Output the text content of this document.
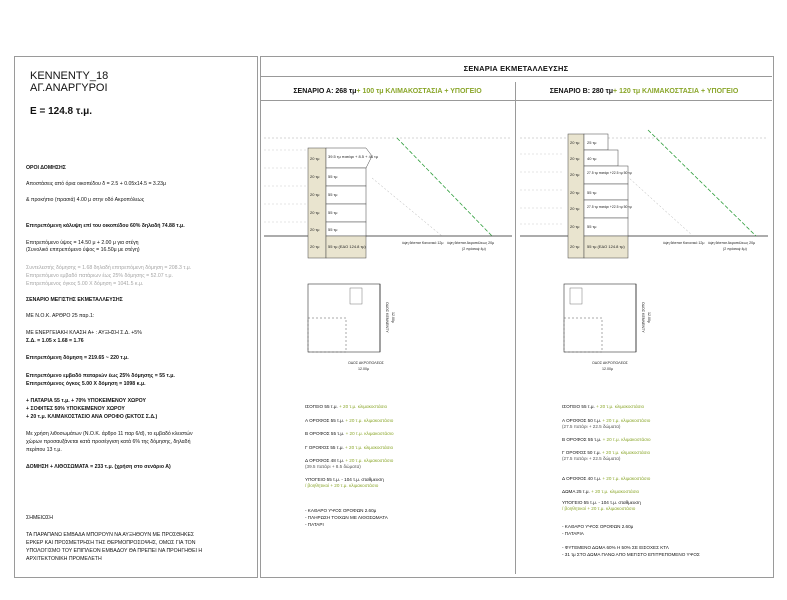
KENNENTY_18
ΑΓ.ΑΝΑΡΓΥΡΟΙ
Ε = 124.8 τ.μ.
ΟΡΟΙ ΔΟΜΗΣΗΣ
Αποστάσεις από όρια οικοπέδου δ = 2.5 + 0.05x14.5 = 3.23μ
& προκήπιο (πρασιά) 4.00 μ στην οδό Ακροπόλεως
Επιτρεπόμενη κάλυψη επί του οικοπέδου 60% δηλαδή 74.88 τ.μ.
Επιτρεπόμενο ύψος = 14.50 μ + 2.00 μ για στέγη
(Συνολικό επιτρεπόμενο ύψος = 16.50μ με στέγη)
Συντελεστής δόμησης = 1.68 δηλαδή επιτρεπόμενη δόμηση = 208.3 τ.μ.
Επιτρεπόμενο εμβαδό πατάριων έως 25% δόμησης = 52.07 τ.μ.
Επιτρεπόμενος όγκος 5.00 Χ δόμηση = 1041.5 κ.μ.
ΣΕΝΑΡΙΟ ΜΕΓΙΣΤΗΣ ΕΚΜΕΤΑΛΛΕΥΣΗΣ
ΜΕ Ν.Ο.Κ. ΑΡΘΡΟ 25 παρ.1:
ΜΕ ΕΝΕΡΓΕΙΑΚΗ ΚΛΑΣΗ Α+ : ΑΥΞΗΣΗ Σ.Δ. +5%
Σ.Δ. = 1.05 x 1.68 = 1.76
Επιτρεπόμενη δόμηση = 219.65 ~ 220 τ.μ.
Επιτρεπόμενο εμβαδό παταριών έως 25% δόμησης = 55 τ.μ.
Επιτρεπόμενος όγκος 5.00 Χ δόμηση = 1098 κ.μ.
+ ΠΑΤΑΡΙΑ 55 τ.μ. + 70% ΥΠΟΚΕΙΜΕΝΟΥ ΧΩΡΟΥ
+ ΣΟΦΙΤΕΣ 50% ΥΠΟΚΕΙΜΕΝΟΥ ΧΩΡΟΥ
+ 20 τ.μ. ΚΛΙΜΑΚΟΣΤΑΣΙΟ ΑΝΑ ΟΡΟΦΟ (ΕΚΤΟΣ Σ.Δ.)
Με χρήση λιθοσωμάτων (Ν.Ο.Κ. άρθρο 11 παρ 6/d), το εμβαδό κλειστών
χώρων προσαυξάνεται κατά προσέγγιση κατά 6% της δόμησης, δηλαδή
περίπου 13 τ.μ.
ΔΟΜΗΣΗ + ΛΙΘΟΣΩΜΑΤΑ = 233 τ.μ. (χρήση στο σενάριο Α)
ΣΗΜΕΙΩΣΗ
ΤΑ ΠΑΡΑΠΑΝΩ ΕΜΒΑΔΑ ΜΠΟΡΟΥΝ ΝΑ ΑΥΞΗΘΟΥΝ ΜΕ ΠΡΟΣΘΗΚΕΣ
ΕΡΚΕΡ ΚΑΙ ΠΡΟΣΜΕΤΡΗΣΗ ΤΗΣ ΘΕΡΜΟΠΡΟΣΟΨΗΣ, ΟΜΩΣ ΓΙΑ ΤΟΝ
ΥΠΟΛΟΓΙΣΜΟ ΤΟΥ ΕΠΙΠΛΕΟΝ ΕΜΒΑΔΟΥ ΘΑ ΠΡΕΠΕΙ ΝΑ ΠΡΟΗΓΗΘΕΙ Η
ΑΡΧΙΤΕΚΤΟΝΙΚΗ ΠΡΟΜΕΛΕΤΗ
ΣΕΝΑΡΙΑ ΕΚΜΕΤΑΛΛΕΥΣΗΣ
ΣΕΝΑΡΙΟ Α: 268 τμ + 100 τμ ΚΛΙΜΑΚΟΣΤΑΣΙΑ + ΥΠΟΓΕΙΟ	ΣΕΝΑΡΙΟ Β: 280 τμ + 120 τμ ΚΛΙΜΑΚΟΣΤΑΣΙΑ + ΥΠΟΓΕΙΟ
20 τμ 39.5 τμ πατάρι + 8.5 + 44 τμ
20 τμ 55 τμ
20 τμ 55 τμ
20 τμ 55 τμ
20 τμ 55 τμ
20 τμ 55 τμ (ΕΔΟ 124.8 τμ)
ύψη θέσπισ Κανονικό 12μ ύψη θέσπισ Ακροπόλεως 20μ
(2 πρόσοψ 4μ)
ΟΔΟΣ ΑΚΡΟΠΟΛΕΩΣ
12.00μ
ΟΔΟΣ ΚΕΝΝΕΝΤΥ 12.00μ
ΙΣΟΓΕΙΟ 55 τ.μ. + 20 τ.μ. κλιμακοστάσιο
Α ΟΡΟΦΟΣ 55 τ.μ. + 20 τ.μ. κλιμακοστάσιο
Β ΟΡΟΦΟΣ 55 τ.μ. + 20 τ.μ. κλιμακοστάσιο
Γ ΟΡΟΦΟΣ 55 τ.μ. + 20 τ.μ. κλιμακοστάσιο
Δ ΟΡΟΦΟΣ 48 τ.μ. + 20 τ.μ. κλιμακοστάσιο
(39.5 πατάρι + 8.5 δώματα)
ΥΠΟΓΕΙΟ 55 τ.μ. - 104 τ.μ. σταθμευση
/ βοηθητικοί + 20 τ.μ. κλιμακοστάσιο
- ΚΑΘΑΡΟ ΥΨΟΣ ΟΡΟΦΩΝ 2.60μ
- ΠΛΗΡΩΣΗ ΤΟΙΧΩΝ ΜΕ ΛΙΘΟΣΩΜΑΤΑ
- ΠΑΤΑΡΙ
20 τμ 25 τμ
20 τμ 40 τμ
20 τμ 27.5 τμ πατάρι +22.5 τμ 50 τμ
20 τμ 55 τμ
20 τμ 27.5 τμ πατάρι +22.5 τμ 50 τμ
20 τμ 55 τμ
20 τμ 55 τμ (ΕΔΟ 124.8 τμ)
ύψη θέσπισ Κανονικό 12μ ύψη θέσπισ Ακροπόλεως 20μ
(2 πρόσοψ 4μ)
ΟΔΟΣ ΑΚΡΟΠΟΛΕΩΣ
12.00μ
ΟΔΟΣ ΚΕΝΝΕΝΤΥ 12.00μ
ΙΣΟΓΕΙΟ 55 τ.μ. + 20 τ.μ. κλιμακοστάσιο
Α ΟΡΟΦΟΣ 50 τ.μ. + 20 τ.μ. κλιμακοστάσιο
(27.5 πατάρι + 22.5 δώματα)
Β ΟΡΟΦΟΣ 55 τ.μ. + 20 τ.μ. κλιμακοστάσιο
Γ ΟΡΟΦΟΣ 50 τ.μ. + 20 τ.μ. κλιμακοστάσιο
(27.5 πατάρι + 22.5 δώματα)
Δ ΟΡΟΦΟΣ 40 τ.μ. + 20 τ.μ. κλιμακοστάσιο
ΔΩΜΑ 25 τ.μ. + 20 τ.μ. κλιμακοστάσιο
ΥΠΟΓΕΙΟ 55 τ.μ. - 104 τ.μ. σταθμευση
/ βοηθητικοί + 20 τ.μ. κλιμακοστάσιο
- ΚΑΘΑΡΟ ΥΨΟΣ ΟΡΟΦΩΝ 2.60μ
- ΠΑΤΑΡΙΑ
- ΦΥΤΕΜΕΝΟ ΔΩΜΑ 60% Η 50% ΣΕ ΕΙΣΟΧΕΣ ΚΤΛ
- 31 τμ ΣΤΟ ΔΩΜΑ ΠΑΝΩ ΑΠΟ ΜΕΓΙΣΤΟ ΕΠΙΤΡΕΠΟΜΕΝΟ ΥΨΟΣ
